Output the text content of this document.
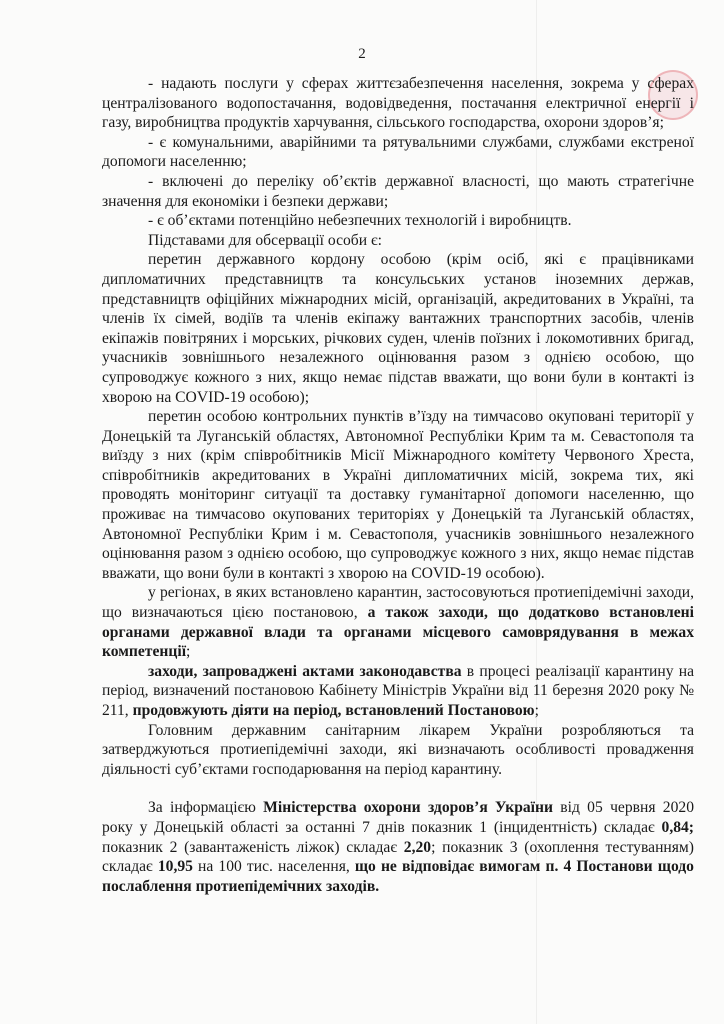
2

- надають послуги у сферах життєзабезпечення населення, зокрема у сферах централізованого водопостачання, водовідведення, постачання електричної енергії і газу, виробництва продуктів харчування, сільського господарства, охорони здоров’я;

- є комунальними, аварійними та рятувальними службами, службами екстреної допомоги населенню;

- включені до переліку об’єктів державної власності, що мають стратегічне значення для економіки і безпеки держави;

- є об’єктами потенційно небезпечних технологій і виробництв.

Підставами для обсервації особи є:

перетин державного кордону особою (крім осіб, які є працівниками дипломатичних представництв та консульських установ іноземних держав, представництв офіційних міжнародних місій, організацій, акредитованих в Україні, та членів їх сімей, водіїв та членів екіпажу вантажних транспортних засобів, членів екіпажів повітряних і морських, річкових суден, членів поїзних і локомотивних бригад, учасників зовнішнього незалежного оцінювання разом з однією особою, що супроводжує кожного з них, якщо немає підстав вважати, що вони були в контакті із хворою на COVID-19 особою);

перетин особою контрольних пунктів в’їзду на тимчасово окуповані території у Донецькій та Луганській областях, Автономної Республіки Крим та м. Севастополя та виїзду з них (крім співробітників Місії Міжнародного комітету Червоного Хреста, співробітників акредитованих в Україні дипломатичних місій, зокрема тих, які проводять моніторинг ситуації та доставку гуманітарної допомоги населенню, що проживає на тимчасово окупованих територіях у Донецькій та Луганській областях, Автономної Республіки Крим і м. Севастополя, учасників зовнішнього незалежного оцінювання разом з однією особою, що супроводжує кожного з них, якщо немає підстав вважати, що вони були в контакті з хворою на COVID-19 особою).

у регіонах, в яких встановлено карантин, застосовуються протиепідемічні заходи, що визначаються цією постановою, а також заходи, що додатково встановлені органами державної влади та органами місцевого самоврядування в межах компетенції;

заходи, запроваджені актами законодавства в процесі реалізації карантину на період, визначений постановою Кабінету Міністрів України від 11 березня 2020 року № 211, продовжують діяти на період, встановлений Постановою;

Головним державним санітарним лікарем України розробляються та затверджуються протиепідемічні заходи, які визначають особливості провадження діяльності суб’єктами господарювання на період карантину.

За інформацією Міністерства охорони здоров’я України від 05 червня 2020 року у Донецькій області за останні 7 днів показник 1 (інцидентність) складає 0,84; показник 2 (завантаженість ліжок) складає 2,20; показник 3 (охоплення тестуванням) складає 10,95 на 100 тис. населення, що не відповідає вимогам п. 4 Постанови щодо послаблення протиепідемічних заходів.
